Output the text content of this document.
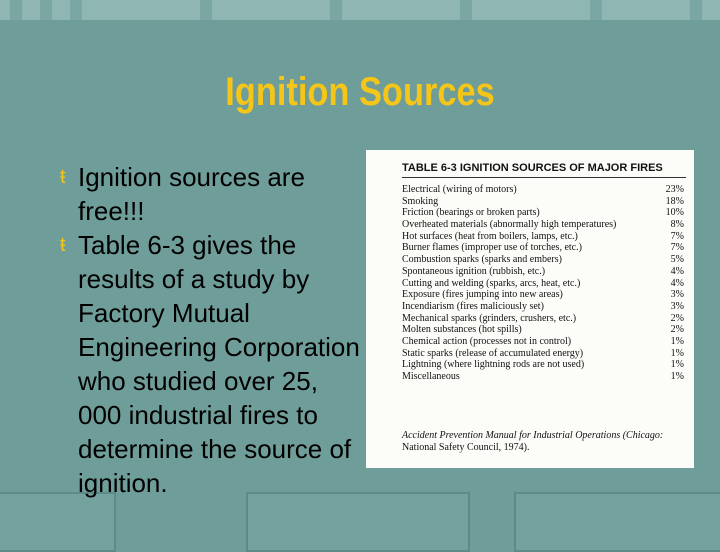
Ignition Sources
ŧ Ignition sources are free!!!
ŧ Table 6-3 gives the results of a study by Factory Mutual Engineering Corporation who studied over 25, 000 industrial fires to determine the source of ignition.
TABLE 6-3 IGNITION SOURCES OF MAJOR FIRES
Electrical (wiring of motors)	23%
Smoking	18%
Friction (bearings or broken parts)	10%
Overheated materials (abnormally high temperatures)	8%
Hot surfaces (heat from boilers, lamps, etc.)	7%
Burner flames (improper use of torches, etc.)	7%
Combustion sparks (sparks and embers)	5%
Spontaneous ignition (rubbish, etc.)	4%
Cutting and welding (sparks, arcs, heat, etc.)	4%
Exposure (fires jumping into new areas)	3%
Incendiarism (fires maliciously set)	3%
Mechanical sparks (grinders, crushers, etc.)	2%
Molten substances (hot spills)	2%
Chemical action (processes not in control)	1%
Static sparks (release of accumulated energy)	1%
Lightning (where lightning rods are not used)	1%
Miscellaneous	1%
Accident Prevention Manual for Industrial Operations (Chicago:
National Safety Council, 1974).
